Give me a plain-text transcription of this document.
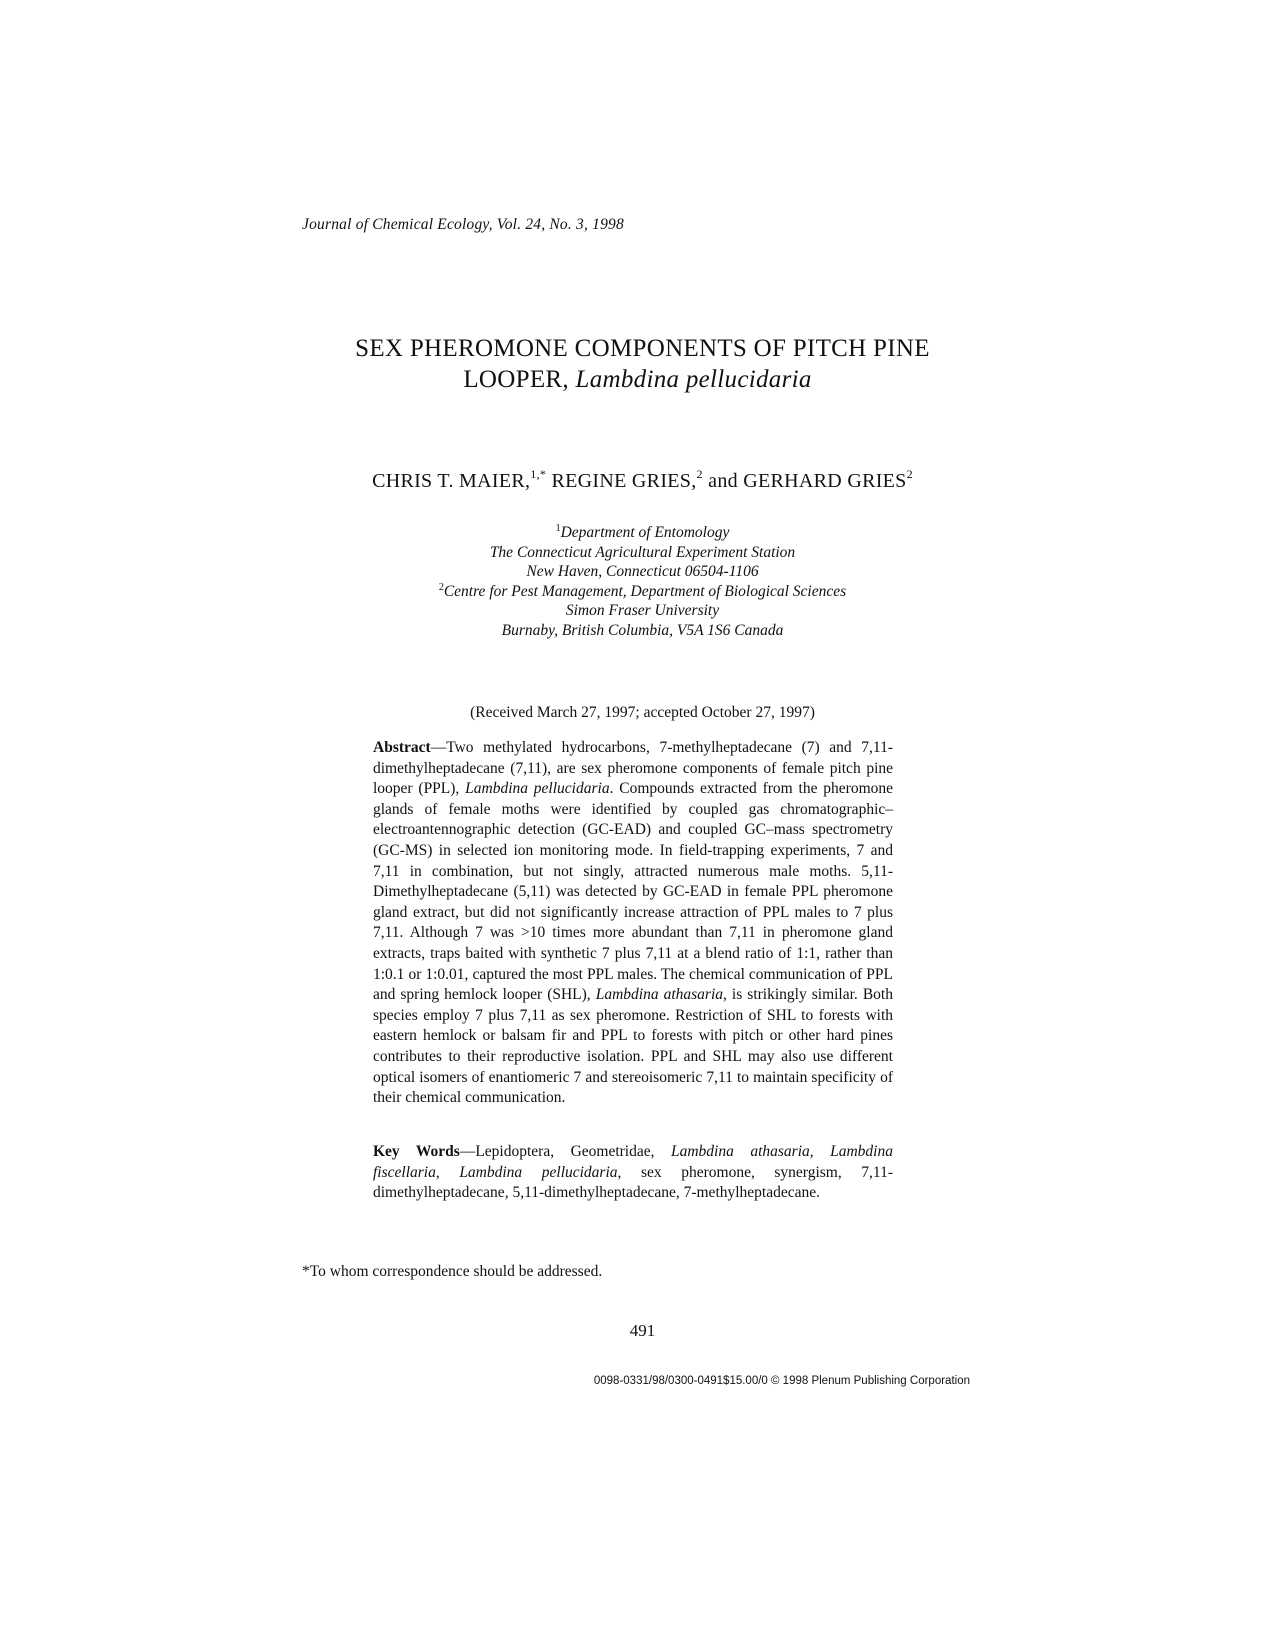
Journal of Chemical Ecology, Vol. 24, No. 3, 1998
SEX PHEROMONE COMPONENTS OF PITCH PINE
LOOPER, Lambdina pellucidaria
CHRIS T. MAIER,$^{1,*}$ REGINE GRIES,$^2$ and GERHARD GRIES$^2$
$^1$Department of Entomology
The Connecticut Agricultural Experiment Station
New Haven, Connecticut 06504-1106
$^2$Centre for Pest Management, Department of Biological Sciences
Simon Fraser University
Burnaby, British Columbia, V5A 1S6 Canada
(Received March 27, 1997; accepted October 27, 1997)
Abstract—Two methylated hydrocarbons, 7-methylheptadecane (7) and 7,11-dimethylheptadecane (7,11), are sex pheromone components of female pitch pine looper (PPL), Lambdina pellucidaria. Compounds extracted from the pheromone glands of female moths were identified by coupled gas chromatographic–electroantennographic detection (GC-EAD) and coupled GC–mass spectrometry (GC-MS) in selected ion monitoring mode. In field-trapping experiments, 7 and 7,11 in combination, but not singly, attracted numerous male moths. 5,11-Dimethylheptadecane (5,11) was detected by GC-EAD in female PPL pheromone gland extract, but did not significantly increase attraction of PPL males to 7 plus 7,11. Although 7 was >10 times more abundant than 7,11 in pheromone gland extracts, traps baited with synthetic 7 plus 7,11 at a blend ratio of 1:1, rather than 1:0.1 or 1:0.01, captured the most PPL males. The chemical communication of PPL and spring hemlock looper (SHL), Lambdina athasaria, is strikingly similar. Both species employ 7 plus 7,11 as sex pheromone. Restriction of SHL to forests with eastern hemlock or balsam fir and PPL to forests with pitch or other hard pines contributes to their reproductive isolation. PPL and SHL may also use different optical isomers of enantiomeric 7 and stereoisomeric 7,11 to maintain specificity of their chemical communication.
Key Words—Lepidoptera, Geometridae, Lambdina athasaria, Lambdina fiscellaria, Lambdina pellucidaria, sex pheromone, synergism, 7,11-dimethylheptadecane, 5,11-dimethylheptadecane, 7-methylheptadecane.
*To whom correspondence should be addressed.
491
0098-0331/98/0300-0491$15.00/0 © 1998 Plenum Publishing Corporation
